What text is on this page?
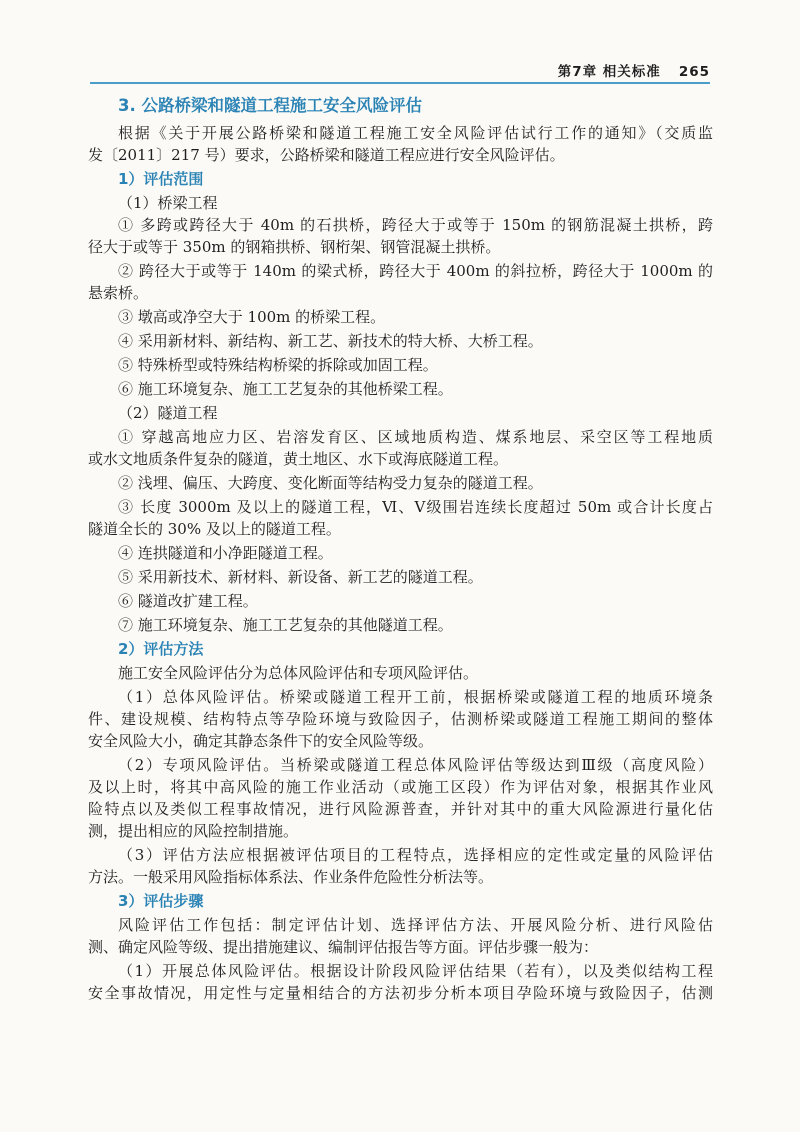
第7章 相关标准 265
3. 公路桥梁和隧道工程施工安全风险评估

根据《关于开展公路桥梁和隧道工程施工安全风险评估试行工作的通知》（交质监

发〔2011〕217 号）要求，公路桥梁和隧道工程应进行安全风险评估。

1）评估范围

（1）桥梁工程

① 多跨或跨径大于 40m 的石拱桥，跨径大于或等于 150m 的钢筋混凝土拱桥，跨

径大于或等于 350m 的钢箱拱桥、钢桁架、钢管混凝土拱桥。

② 跨径大于或等于 140m 的梁式桥，跨径大于 400m 的斜拉桥，跨径大于 1000m 的

悬索桥。

③ 墩高或净空大于 100m 的桥梁工程。

④ 采用新材料、新结构、新工艺、新技术的特大桥、大桥工程。

⑤ 特殊桥型或特殊结构桥梁的拆除或加固工程。

⑥ 施工环境复杂、施工工艺复杂的其他桥梁工程。

（2）隧道工程

① 穿越高地应力区、岩溶发育区、区域地质构造、煤系地层、采空区等工程地质

或水文地质条件复杂的隧道，黄土地区、水下或海底隧道工程。

② 浅埋、偏压、大跨度、变化断面等结构受力复杂的隧道工程。

③ 长度 3000m 及以上的隧道工程，Ⅵ、Ⅴ级围岩连续长度超过 50m 或合计长度占

隧道全长的 30% 及以上的隧道工程。

④ 连拱隧道和小净距隧道工程。

⑤ 采用新技术、新材料、新设备、新工艺的隧道工程。

⑥ 隧道改扩建工程。

⑦ 施工环境复杂、施工工艺复杂的其他隧道工程。

2）评估方法

施工安全风险评估分为总体风险评估和专项风险评估。

（1）总体风险评估。桥梁或隧道工程开工前，根据桥梁或隧道工程的地质环境条

件、建设规模、结构特点等孕险环境与致险因子，估测桥梁或隧道工程施工期间的整体

安全风险大小，确定其静态条件下的安全风险等级。

（2）专项风险评估。当桥梁或隧道工程总体风险评估等级达到Ⅲ级（高度风险）

及以上时，将其中高风险的施工作业活动（或施工区段）作为评估对象，根据其作业风

险特点以及类似工程事故情况，进行风险源普查，并针对其中的重大风险源进行量化估

测，提出相应的风险控制措施。

（3）评估方法应根据被评估项目的工程特点，选择相应的定性或定量的风险评估

方法。一般采用风险指标体系法、作业条件危险性分析法等。

3）评估步骤

风险评估工作包括：制定评估计划、选择评估方法、开展风险分析、进行风险估

测、确定风险等级、提出措施建议、编制评估报告等方面。评估步骤一般为：

（1）开展总体风险评估。根据设计阶段风险评估结果（若有），以及类似结构工程

安全事故情况，用定性与定量相结合的方法初步分析本项目孕险环境与致险因子，估测
